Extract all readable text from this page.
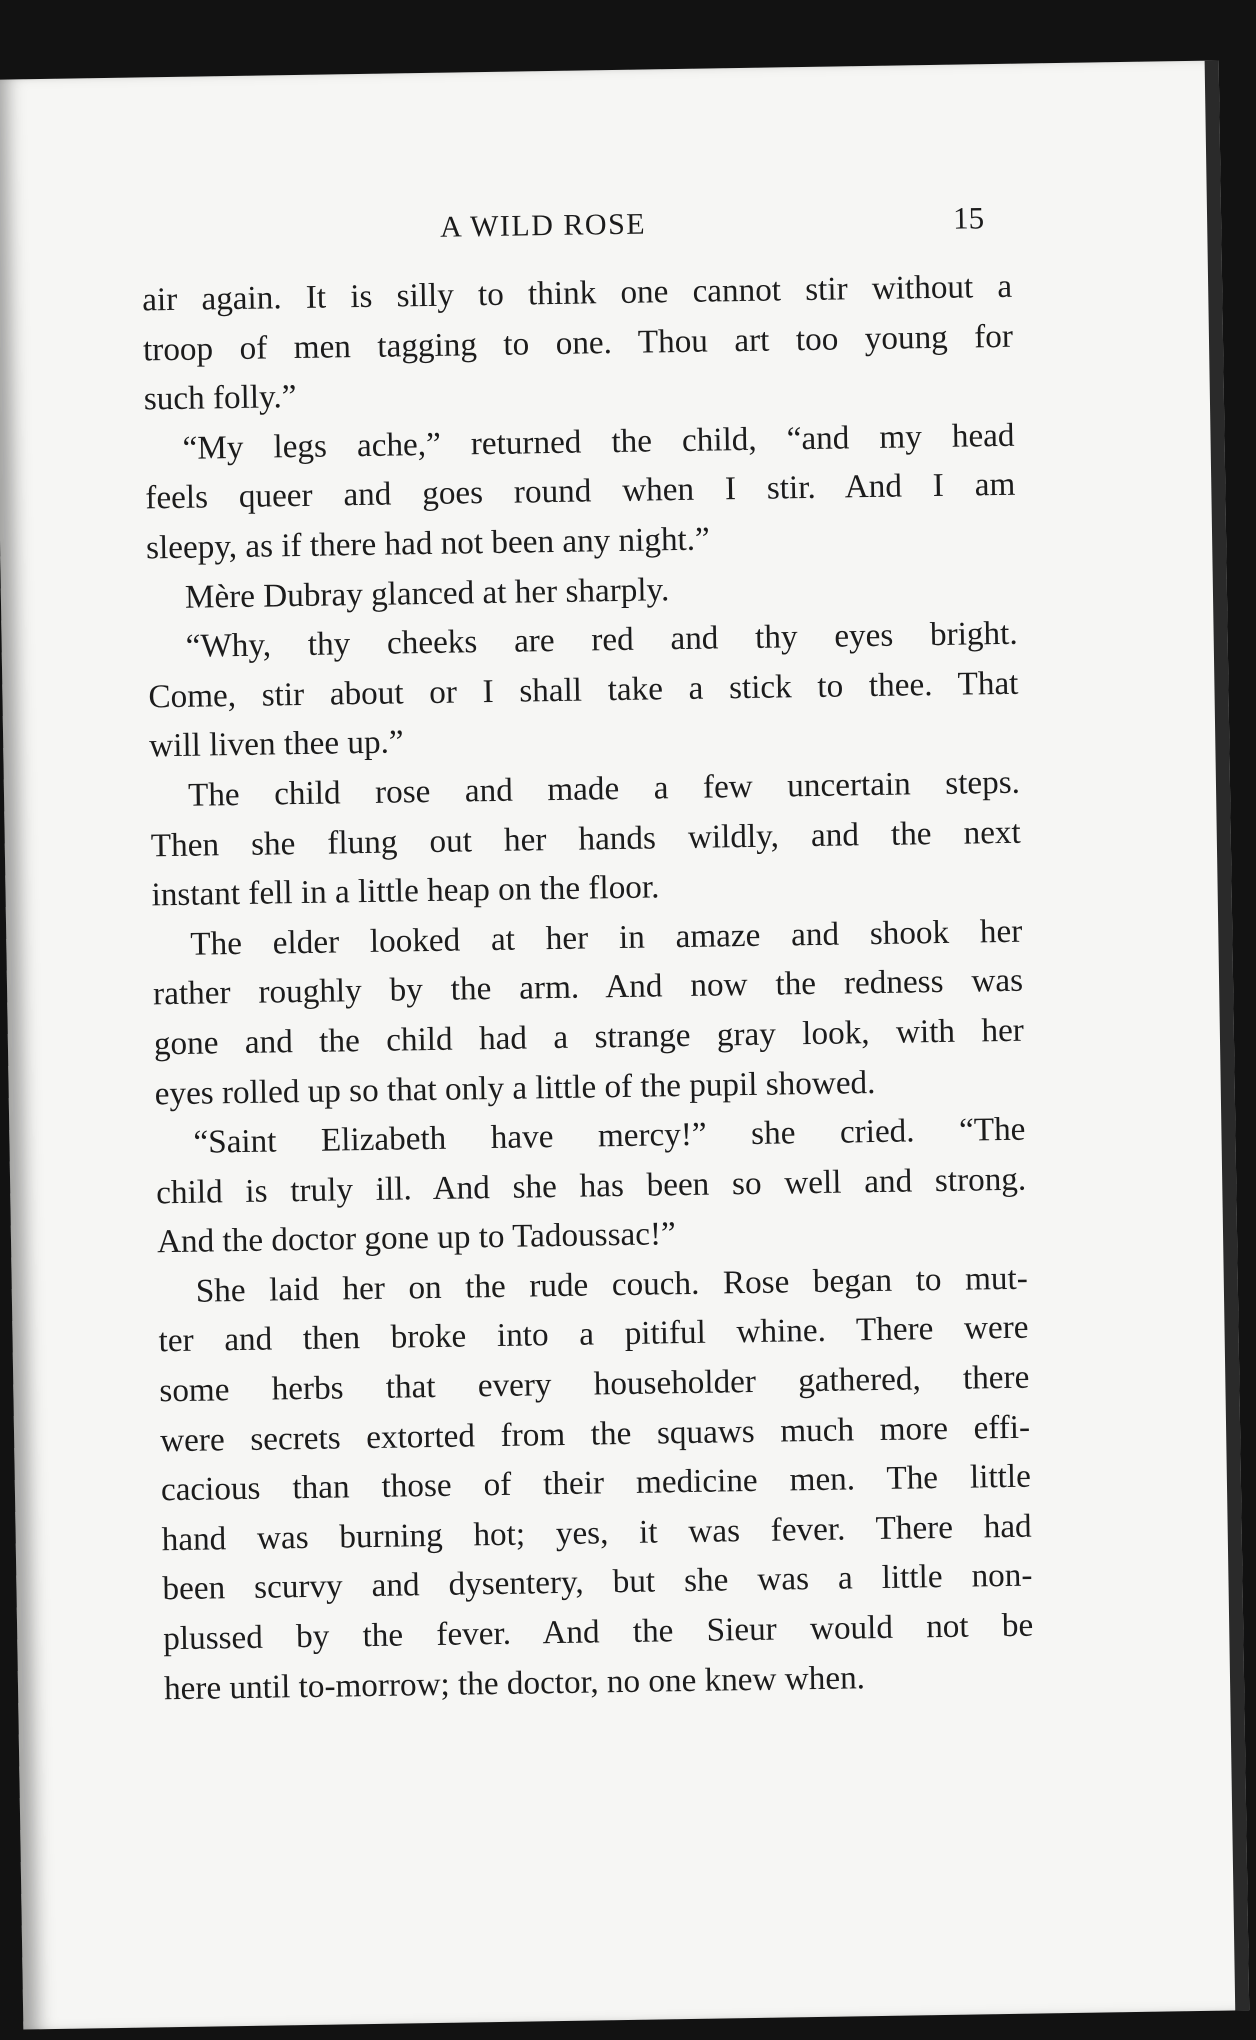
A WILD ROSE	15
air again. It is silly to think one cannot stir without a
troop of men tagging to one. Thou art too young for
such folly.”
“My legs ache,” returned the child, “and my head
feels queer and goes round when I stir. And I am
sleepy, as if there had not been any night.”
Mère Dubray glanced at her sharply.
“Why, thy cheeks are red and thy eyes bright.
Come, stir about or I shall take a stick to thee. That
will liven thee up.”
The child rose and made a few uncertain steps.
Then she flung out her hands wildly, and the next
instant fell in a little heap on the floor.
The elder looked at her in amaze and shook her
rather roughly by the arm. And now the redness was
gone and the child had a strange gray look, with her
eyes rolled up so that only a little of the pupil showed.
“Saint Elizabeth have mercy!” she cried. “The
child is truly ill. And she has been so well and strong.
And the doctor gone up to Tadoussac!”
She laid her on the rude couch. Rose began to mut-
ter and then broke into a pitiful whine. There were
some herbs that every householder gathered, there
were secrets extorted from the squaws much more effi-
cacious than those of their medicine men. The little
hand was burning hot; yes, it was fever. There had
been scurvy and dysentery, but she was a little non-
plussed by the fever. And the Sieur would not be
here until to-morrow; the doctor, no one knew when.
